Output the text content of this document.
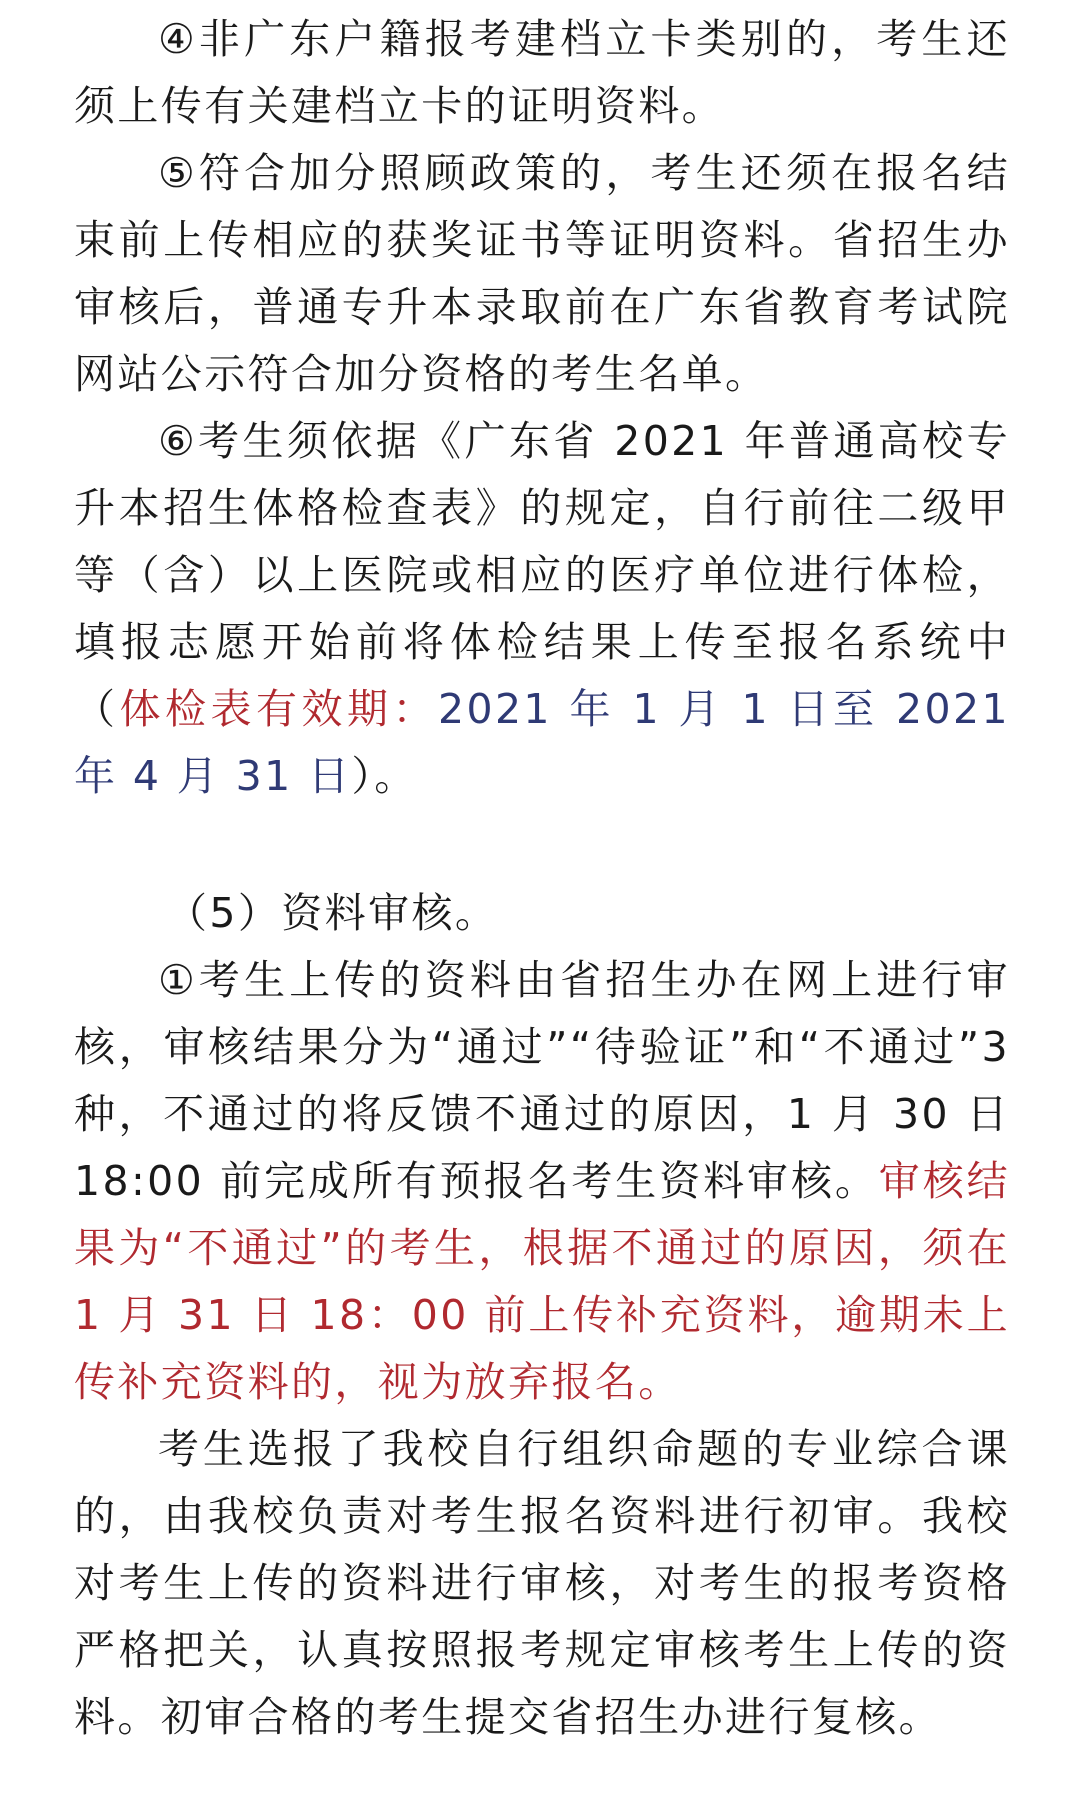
④非广东户籍报考建档立卡类别的，考生还须上传有关建档立卡的证明资料。

⑤符合加分照顾政策的，考生还须在报名结束前上传相应的获奖证书等证明资料。省招生办审核后，普通专升本录取前在广东省教育考试院网站公示符合加分资格的考生名单。

⑥考生须依据《广东省 2021 年普通高校专升本招生体格检查表》的规定，自行前往二级甲等（含）以上医院或相应的医疗单位进行体检，填报志愿开始前将体检结果上传至报名系统中（体检表有效期：2021 年 1 月 1 日至 2021 年 4 月 31 日）。

（5）资料审核。

①考生上传的资料由省招生办在网上进行审核，审核结果分为“通过”“待验证”和“不通过”3 种，不通过的将反馈不通过的原因，1 月 30 日 18:00 前完成所有预报名考生资料审核。审核结果为“不通过”的考生，根据不通过的原因，须在 1 月 31 日 18：00 前上传补充资料，逾期未上传补充资料的，视为放弃报名。

考生选报了我校自行组织命题的专业综合课的，由我校负责对考生报名资料进行初审。我校对考生上传的资料进行审核，对考生的报考资格严格把关，认真按照报考规定审核考生上传的资料。初审合格的考生提交省招生办进行复核。
